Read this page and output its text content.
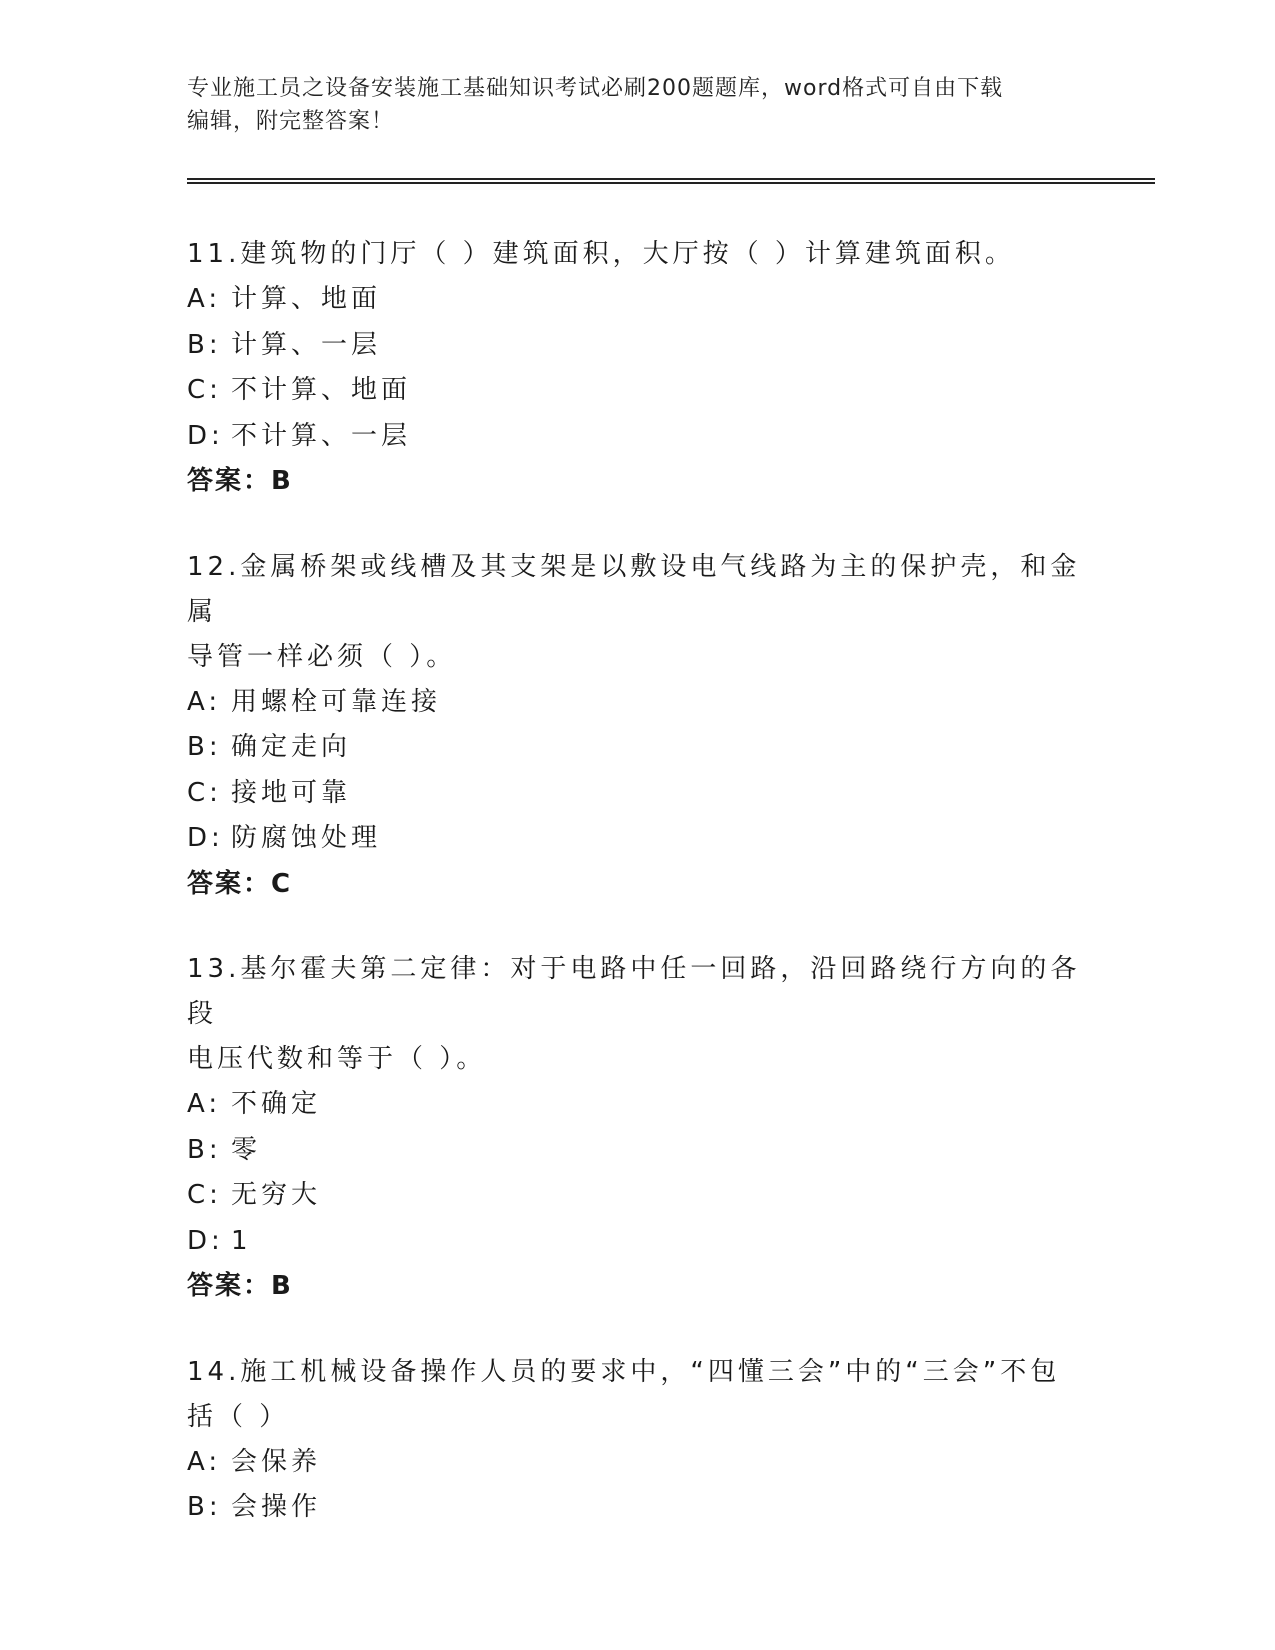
专业施工员之设备安装施工基础知识考试必刷200题题库，word格式可自由下载
编辑，附完整答案！

11.建筑物的门厅（ ）建筑面积，大厅按（ ）计算建筑面积。

A: 计算、地面

B: 计算、一层

C: 不计算、地面

D: 不计算、一层

答案：B

12.金属桥架或线槽及其支架是以敷设电气线路为主的保护壳，和金属
导管一样必须（ ）。

A: 用螺栓可靠连接

B: 确定走向

C: 接地可靠

D: 防腐蚀处理

答案：C

13.基尔霍夫第二定律：对于电路中任一回路，沿回路绕行方向的各段
电压代数和等于（ ）。

A: 不确定

B: 零

C: 无穷大

D: 1

答案：B

14.施工机械设备操作人员的要求中，“四懂三会”中的“三会”不包
括（ ）

A: 会保养

B: 会操作
